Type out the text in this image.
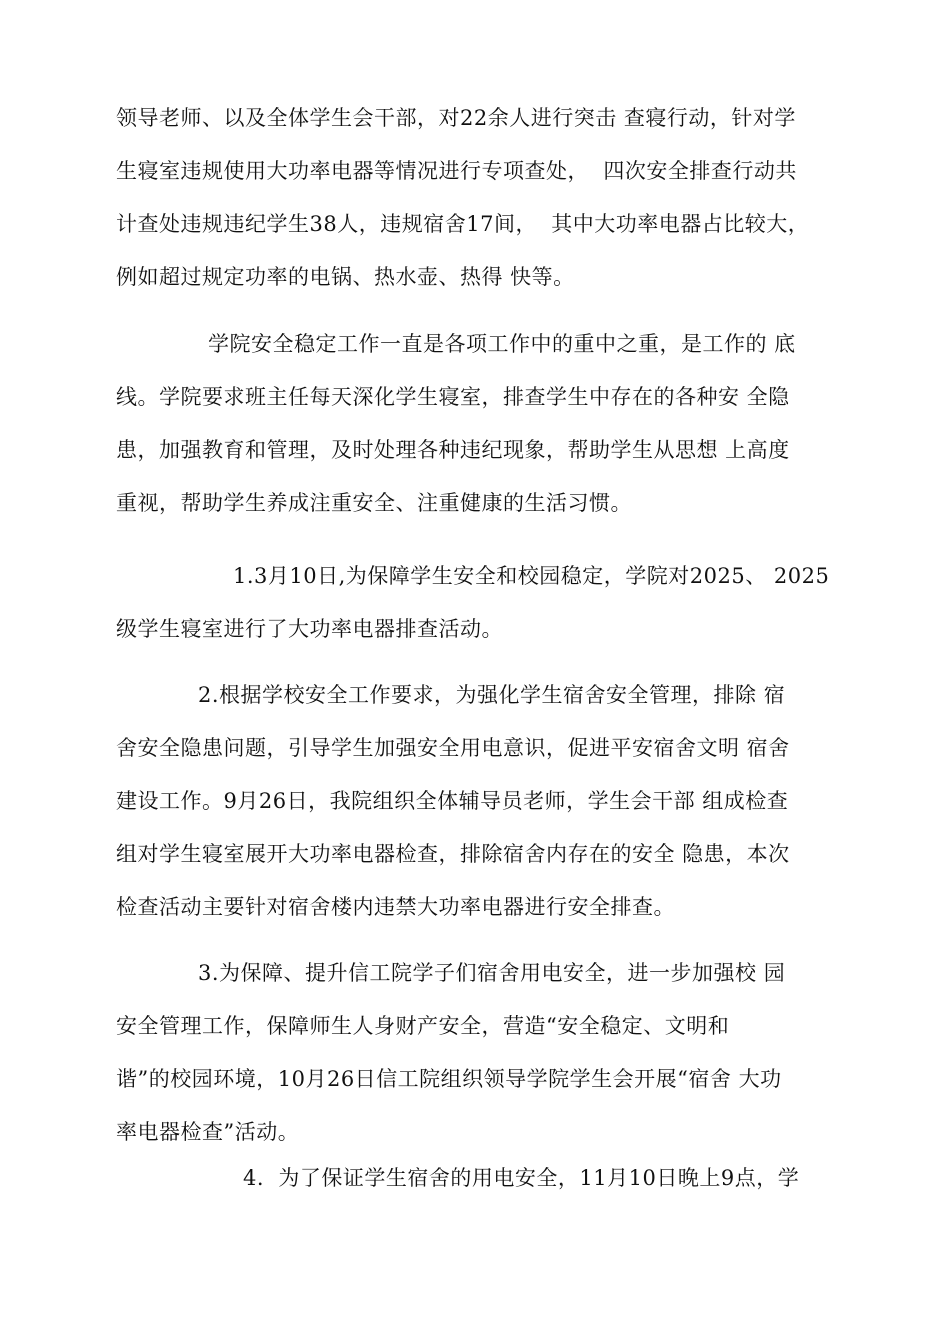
领导老师、以及全体学生会干部，对22余人进行突击 查寝行动，针对学
生寝室违规使用大功率电器等情况进行专项查处，  四次安全排查行动共
计查处违规违纪学生38人，违规宿舍17间，  其中大功率电器占比较大，
例如超过规定功率的电锅、热水壶、热得 快等。
学院安全稳定工作一直是各项工作中的重中之重，是工作的 底
线。学院要求班主任每天深化学生寝室，排查学生中存在的各种安 全隐
患，加强教育和管理，及时处理各种违纪现象，帮助学生从思想 上高度
重视，帮助学生养成注重安全、注重健康的生活习惯。
1.3月10日,为保障学生安全和校园稳定，学院对2025、 2025
级学生寝室进行了大功率电器排查活动。
2.根据学校安全工作要求，为强化学生宿舍安全管理，排除 宿
舍安全隐患问题，引导学生加强安全用电意识，促进平安宿舍文明 宿舍
建设工作。9月26日，我院组织全体辅导员老师，学生会干部 组成检查
组对学生寝室展开大功率电器检查，排除宿舍内存在的安全 隐患，本次
检查活动主要针对宿舍楼内违禁大功率电器进行安全排查。
3.为保障、提升信工院学子们宿舍用电安全，进一步加强校 园
安全管理工作，保障师生人身财产安全，营造“安全稳定、文明和
谐”的校园环境，10月26日信工院组织领导学院学生会开展“宿舍 大功
率电器检查”活动。
4.  为了保证学生宿舍的用电安全，11月10日晚上9点，学
